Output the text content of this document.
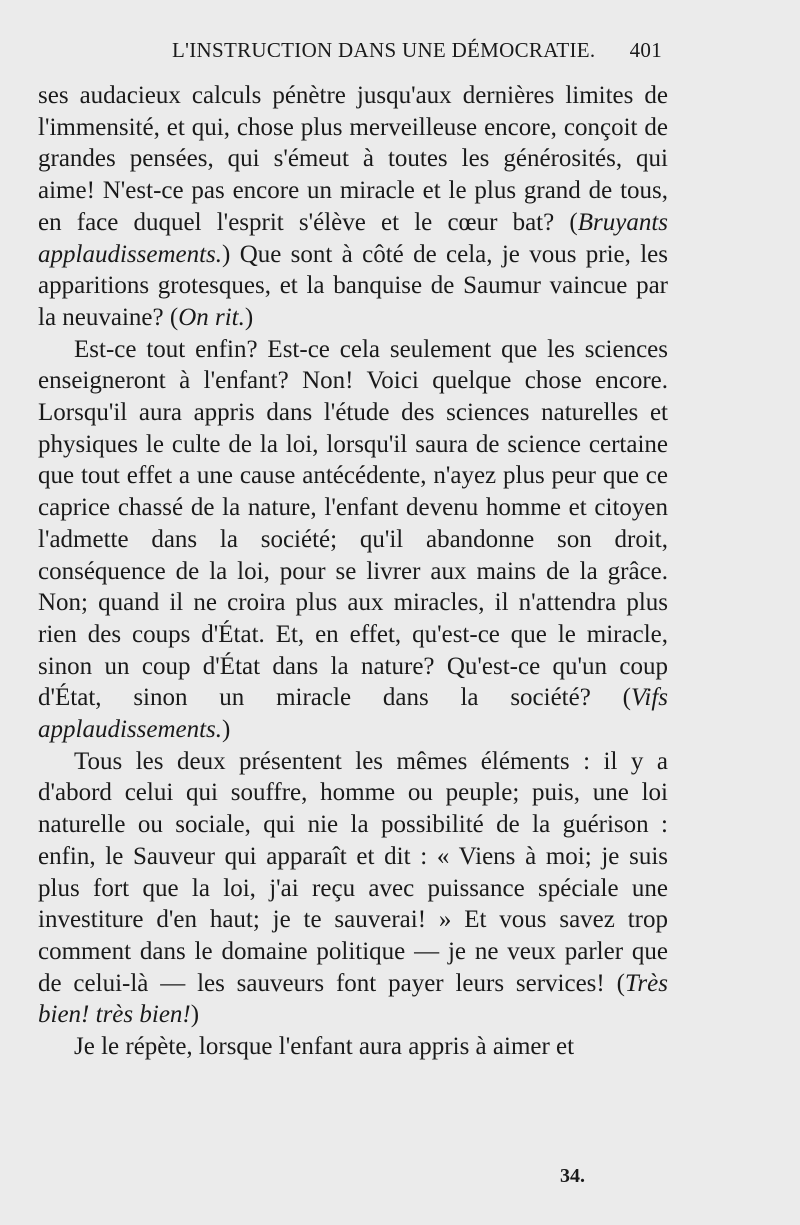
L'INSTRUCTION DANS UNE DÉMOCRATIE. 401

ses audacieux calculs pénètre jusqu'aux dernières limites de l'immensité, et qui, chose plus merveilleuse encore, conçoit de grandes pensées, qui s'émeut à toutes les générosités, qui aime! N'est-ce pas encore un miracle et le plus grand de tous, en face duquel l'esprit s'élève et le cœur bat? (Bruyants applaudissements.) Que sont à côté de cela, je vous prie, les apparitions grotesques, et la banquise de Saumur vaincue par la neuvaine? (On rit.)

Est-ce tout enfin? Est-ce cela seulement que les sciences enseigneront à l'enfant? Non! Voici quelque chose encore. Lorsqu'il aura appris dans l'étude des sciences naturelles et physiques le culte de la loi, lorsqu'il saura de science certaine que tout effet a une cause antécédente, n'ayez plus peur que ce caprice chassé de la nature, l'enfant devenu homme et citoyen l'admette dans la société; qu'il abandonne son droit, conséquence de la loi, pour se livrer aux mains de la grâce. Non; quand il ne croira plus aux miracles, il n'attendra plus rien des coups d'État. Et, en effet, qu'est-ce que le miracle, sinon un coup d'État dans la nature? Qu'est-ce qu'un coup d'État, sinon un miracle dans la société? (Vifs applaudissements.)

Tous les deux présentent les mêmes éléments : il y a d'abord celui qui souffre, homme ou peuple; puis, une loi naturelle ou sociale, qui nie la possibilité de la guérison : enfin, le Sauveur qui apparaît et dit : « Viens à moi; je suis plus fort que la loi, j'ai reçu avec puissance spéciale une investiture d'en haut; je te sauverai! » Et vous savez trop comment dans le domaine politique — je ne veux parler que de celui-là — les sauveurs font payer leurs services! (Très bien! très bien!)

Je le répète, lorsque l'enfant aura appris à aimer et

34.
